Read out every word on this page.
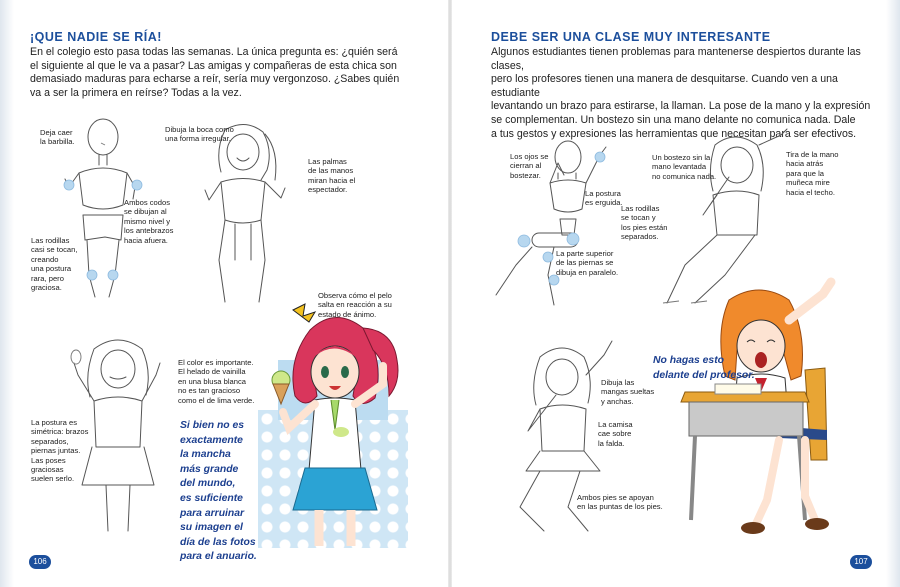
¡QUE NADIE SE RÍA!
En el colegio esto pasa todas las semanas. La única pregunta es: ¿quién será
el siguiente al que le va a pasar? Las amigas y compañeras de esta chica son
demasiado maduras para echarse a reír, sería muy vergonzoso. ¿Sabes quién
va a ser la primera en reírse? Todas a la vez.
Deja caer
la barbilla.
Ambos codos
se dibujan al
mismo nivel y
los antebrazos
hacia afuera.
Las rodillas
casi se tocan,
creando
una postura
rara, pero
graciosa.
Dibuja la boca como
una forma irregular.
Las palmas
de las manos
miran hacia el
espectador.
Observa cómo el pelo
salta en reacción a su
estado de ánimo.
El color es importante.
El helado de vainilla
en una blusa blanca
no es tan gracioso
como el de lima verde.
La postura es
simétrica: brazos
separados,
piernas juntas.
Las poses
graciosas
suelen serlo.
Si bien no es
exactamente
la mancha
más grande
del mundo,
es suficiente
para arruinar
su imagen el
día de las fotos
para el anuario.
106
DEBE SER UNA CLASE MUY INTERESANTE
Algunos estudiantes tienen problemas para mantenerse despiertos durante las clases,
pero los profesores tienen una manera de desquitarse. Cuando ven a una estudiante
levantando un brazo para estirarse, la llaman. La pose de la mano y la expresión
se complementan. Un bostezo sin una mano delante no comunica nada. Dale
a tus gestos y expresiones las herramientas que necesitan para ser efectivos.
Los ojos se
cierran al
bostezar.
La postura
es erguida.
La parte superior
de las piernas se
dibuja en paralelo.
Un bostezo sin la
mano levantada
no comunica nada.
Tira de la mano
hacia atrás
para que la
muñeca mire
hacia el techo.
Las rodillas
se tocan y
los pies están
separados.
Dibuja las
mangas sueltas
y anchas.
La camisa
cae sobre
la falda.
Ambos pies se apoyan
en las puntas de los pies.
No hagas esto
delante del profesor.
107
